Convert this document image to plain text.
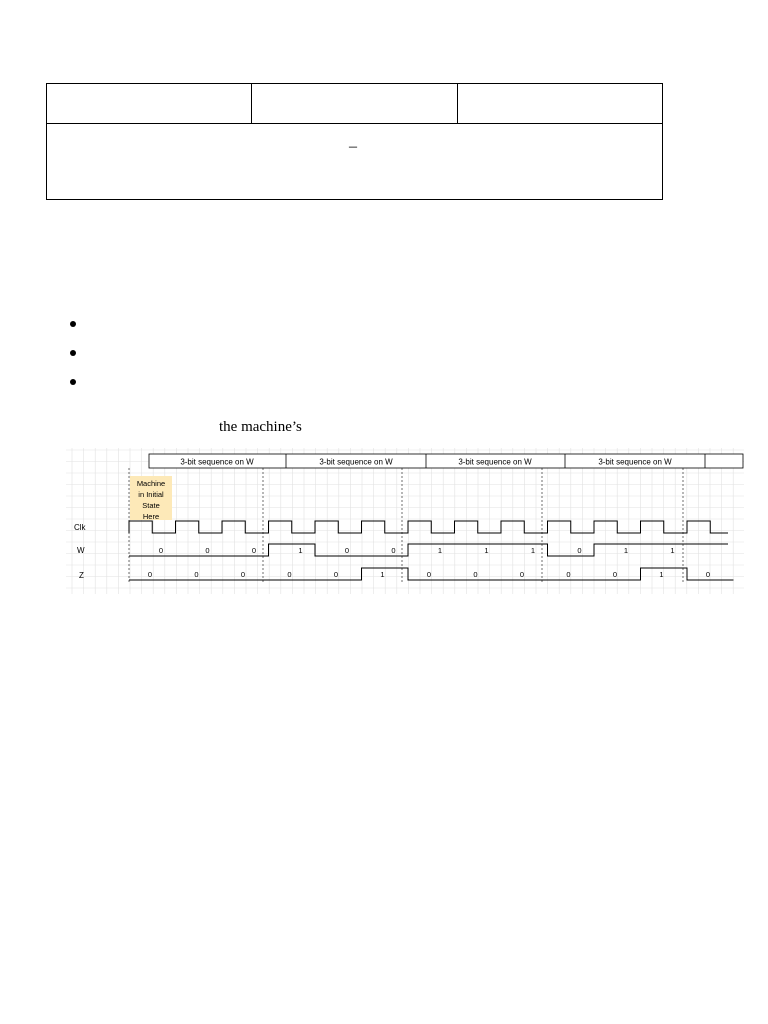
–
the machine’s
3-bit sequence on W	3-bit sequence on W	3-bit sequence on W	3-bit sequence on W
Machine
in Initial
State
Here
Clk
W
Z
0	0	0	1	0	0	1	1	1	0	1	1
0	0	0	0	0	1	0	0	0	0	0	1	0
